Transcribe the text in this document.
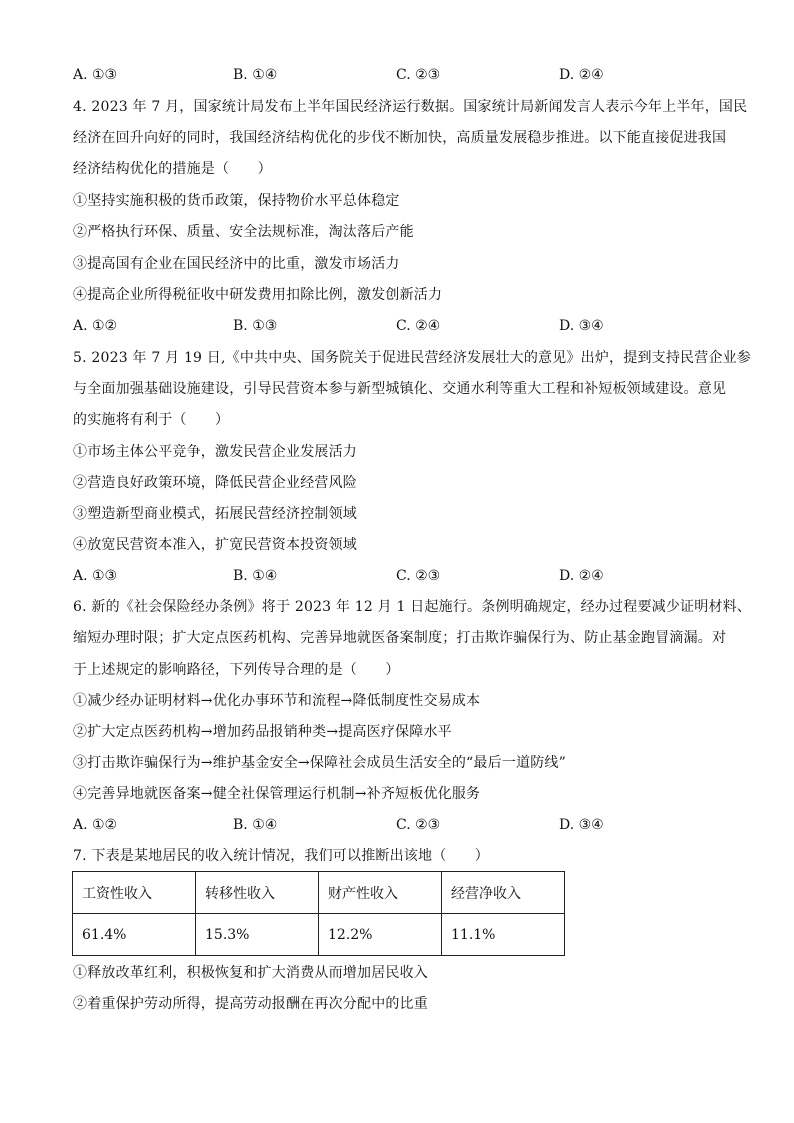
A. ①③	B. ①④	C. ②③	D. ②④
4. 2023 年 7 月，国家统计局发布上半年国民经济运行数据。国家统计局新闻发言人表示今年上半年，国民
经济在回升向好的同时，我国经济结构优化的步伐不断加快，高质量发展稳步推进。以下能直接促进我国
经济结构优化的措施是（　　）
①坚持实施积极的货币政策，保持物价水平总体稳定
②严格执行环保、质量、安全法规标准，淘汰落后产能
③提高国有企业在国民经济中的比重，激发市场活力
④提高企业所得税征收中研发费用扣除比例，激发创新活力
A. ①②	B. ①③	C. ②④	D. ③④
5. 2023 年 7 月 19 日,《中共中央、国务院关于促进民营经济发展壮大的意见》出炉，提到支持民营企业参
与全面加强基础设施建设，引导民营资本参与新型城镇化、交通水利等重大工程和补短板领域建设。意见
的实施将有利于（　　）
①市场主体公平竞争，激发民营企业发展活力
②营造良好政策环境，降低民营企业经营风险
③塑造新型商业模式，拓展民营经济控制领域
④放宽民营资本准入，扩宽民营资本投资领域
A. ①③	B. ①④	C. ②③	D. ②④
6. 新的《社会保险经办条例》将于 2023 年 12 月 1 日起施行。条例明确规定，经办过程要减少证明材料、
缩短办理时限；扩大定点医药机构、完善异地就医备案制度；打击欺诈骗保行为、防止基金跑冒滴漏。对
于上述规定的影响路径，下列传导合理的是（　　）
①减少经办证明材料→优化办事环节和流程→降低制度性交易成本
②扩大定点医药机构→增加药品报销种类→提高医疗保障水平
③打击欺诈骗保行为→维护基金安全→保障社会成员生活安全的“最后一道防线”
④完善异地就医备案→健全社保管理运行机制→补齐短板优化服务
A. ①②	B. ①④	C. ②③	D. ③④
7. 下表是某地居民的收入统计情况，我们可以推断出该地（　　）
工资性收入	转移性收入	财产性收入	经营净收入
61.4%	15.3%	12.2%	11.1%
①释放改革红利，积极恢复和扩大消费从而增加居民收入
②着重保护劳动所得，提高劳动报酬在再次分配中的比重
